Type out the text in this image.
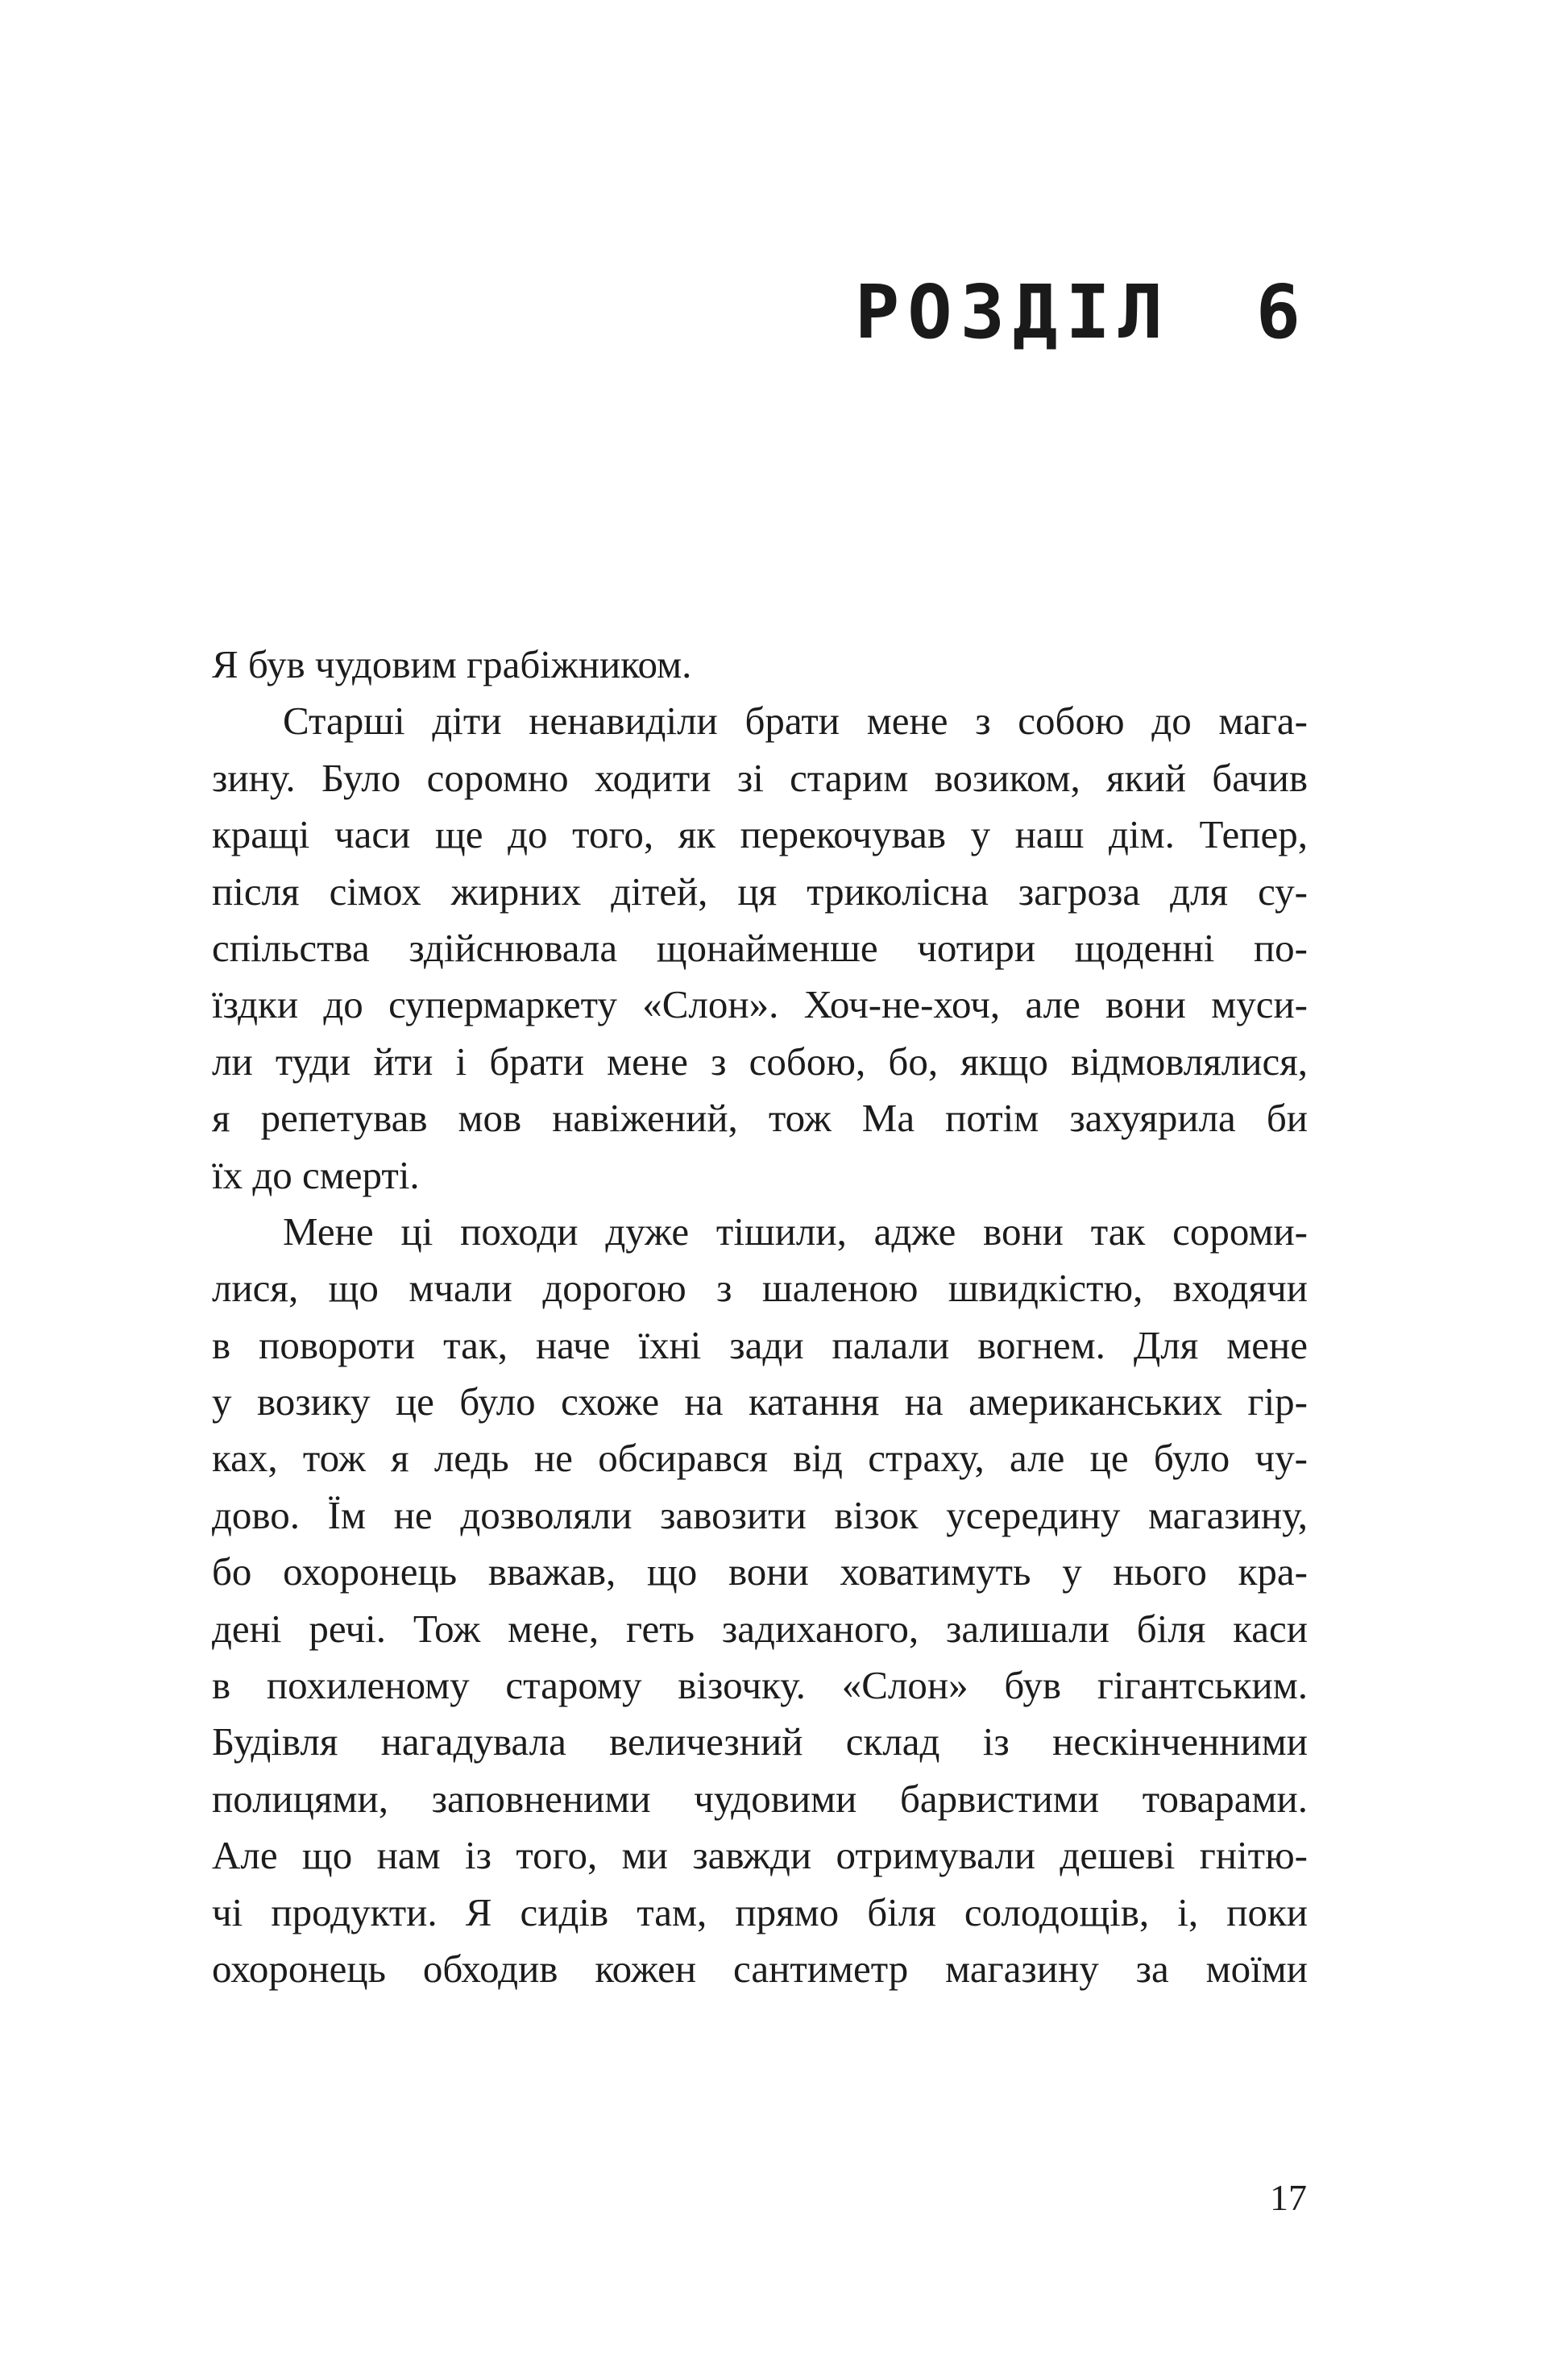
РОЗДІЛ 6
Я був чудовим грабіжником.
Старші діти ненавиділи брати мене з собою до мага-
зину. Було соромно ходити зі старим возиком, який бачив
кращі часи ще до того, як перекочував у наш дім. Тепер,
після сімох жирних дітей, ця триколісна загроза для су-
спільства здійснювала щонайменше чотири щоденні по-
їздки до супермаркету «Слон». Хоч-не-хоч, але вони муси-
ли туди йти і брати мене з собою, бо, якщо відмовлялися,
я репетував мов навіжений, тож Ма потім захуярила би
їх до смерті.
Мене ці походи дуже тішили, адже вони так сороми-
лися, що мчали дорогою з шаленою швидкістю, входячи
в повороти так, наче їхні зади палали вогнем. Для мене
у возику це було схоже на катання на американських гір-
ках, тож я ледь не обсирався від страху, але це було чу-
дово. Їм не дозволяли завозити візок усередину магазину,
бо охоронець вважав, що вони ховатимуть у нього кра-
дені речі. Тож мене, геть задиханого, залишали біля каси
в похиленому старому візочку. «Слон» був гігантським.
Будівля нагадувала величезний склад із нескінченними
полицями, заповненими чудовими барвистими товарами.
Але що нам із того, ми завжди отримували дешеві гнітю-
чі продукти. Я сидів там, прямо біля солодощів, і, поки
охоронець обходив кожен сантиметр магазину за моїми
17
